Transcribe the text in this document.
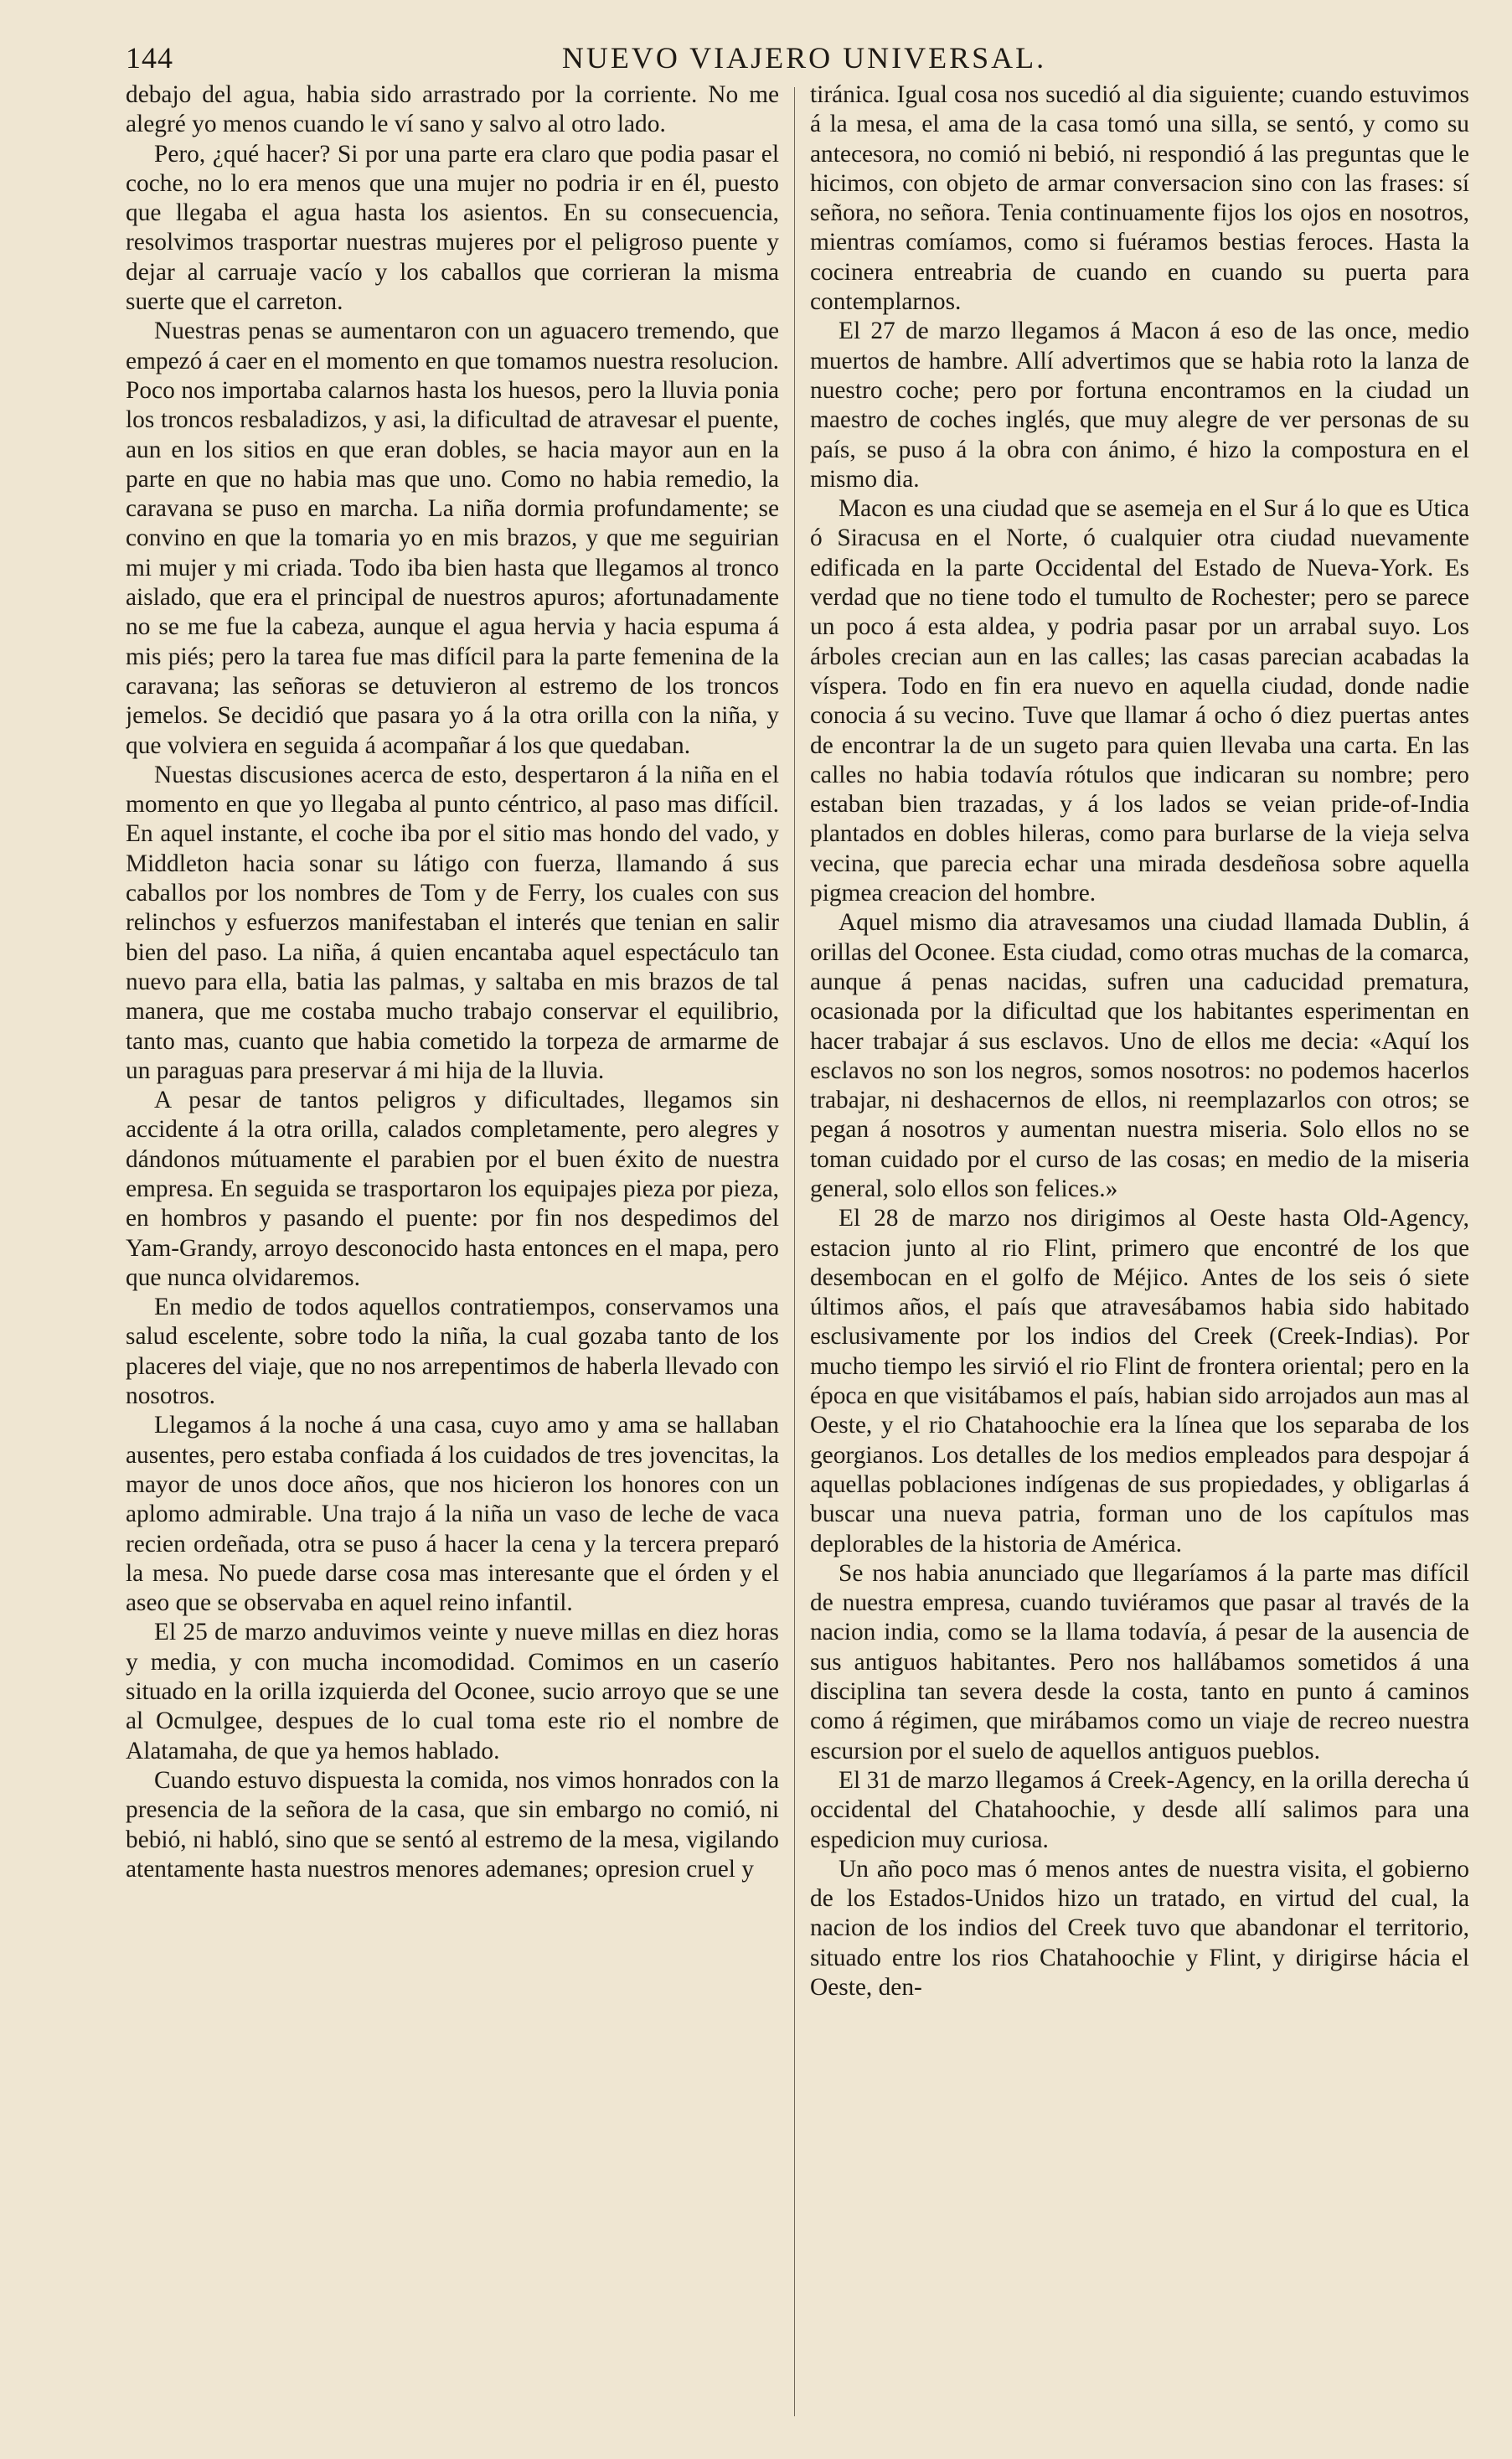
144	NUEVO VIAJERO UNIVERSAL.

debajo del agua, habia sido arrastrado por la corriente. No me alegré yo menos cuando le ví sano y salvo al otro lado.

Pero, ¿qué hacer? Si por una parte era claro que podia pasar el coche, no lo era menos que una mujer no podria ir en él, puesto que llegaba el agua hasta los asientos. En su consecuencia, resolvimos trasportar nuestras mujeres por el peligroso puente y dejar al carruaje vacío y los caballos que corrieran la misma suerte que el carreton.

Nuestras penas se aumentaron con un aguacero tremendo, que empezó á caer en el momento en que tomamos nuestra resolucion. Poco nos importaba calarnos hasta los huesos, pero la lluvia ponia los troncos resbaladizos, y asi, la dificultad de atravesar el puente, aun en los sitios en que eran dobles, se hacia mayor aun en la parte en que no habia mas que uno. Como no habia remedio, la caravana se puso en marcha. La niña dormia profundamente; se convino en que la tomaria yo en mis brazos, y que me seguirian mi mujer y mi criada. Todo iba bien hasta que llegamos al tronco aislado, que era el principal de nuestros apuros; afortunadamente no se me fue la cabeza, aunque el agua hervia y hacia espuma á mis piés; pero la tarea fue mas difícil para la parte femenina de la caravana; las señoras se detuvieron al estremo de los troncos jemelos. Se decidió que pasara yo á la otra orilla con la niña, y que volviera en seguida á acompañar á los que quedaban.

Nuestas discusiones acerca de esto, despertaron á la niña en el momento en que yo llegaba al punto céntrico, al paso mas difícil. En aquel instante, el coche iba por el sitio mas hondo del vado, y Middleton hacia sonar su látigo con fuerza, llamando á sus caballos por los nombres de Tom y de Ferry, los cuales con sus relinchos y esfuerzos manifestaban el interés que tenian en salir bien del paso. La niña, á quien encantaba aquel espectáculo tan nuevo para ella, batia las palmas, y saltaba en mis brazos de tal manera, que me costaba mucho trabajo conservar el equilibrio, tanto mas, cuanto que habia cometido la torpeza de armarme de un paraguas para preservar á mi hija de la lluvia.

A pesar de tantos peligros y dificultades, llegamos sin accidente á la otra orilla, calados completamente, pero alegres y dándonos mútuamente el parabien por el buen éxito de nuestra empresa. En seguida se trasportaron los equipajes pieza por pieza, en hombros y pasando el puente: por fin nos despedimos del Yam-Grandy, arroyo desconocido hasta entonces en el mapa, pero que nunca olvidaremos.

En medio de todos aquellos contratiempos, conservamos una salud escelente, sobre todo la niña, la cual gozaba tanto de los placeres del viaje, que no nos arrepentimos de haberla llevado con nosotros.

Llegamos á la noche á una casa, cuyo amo y ama se hallaban ausentes, pero estaba confiada á los cuidados de tres jovencitas, la mayor de unos doce años, que nos hicieron los honores con un aplomo admirable. Una trajo á la niña un vaso de leche de vaca recien ordeñada, otra se puso á hacer la cena y la tercera preparó la mesa. No puede darse cosa mas interesante que el órden y el aseo que se observaba en aquel reino infantil.

El 25 de marzo anduvimos veinte y nueve millas en diez horas y media, y con mucha incomodidad. Comimos en un caserío situado en la orilla izquierda del Oconee, sucio arroyo que se une al Ocmulgee, despues de lo cual toma este rio el nombre de Alatamaha, de que ya hemos hablado.

Cuando estuvo dispuesta la comida, nos vimos honrados con la presencia de la señora de la casa, que sin embargo no comió, ni bebió, ni habló, sino que se sentó al estremo de la mesa, vigilando atentamente hasta nuestros menores ademanes; opresion cruel y

tiránica. Igual cosa nos sucedió al dia siguiente; cuando estuvimos á la mesa, el ama de la casa tomó una silla, se sentó, y como su antecesora, no comió ni bebió, ni respondió á las preguntas que le hicimos, con objeto de armar conversacion sino con las frases: sí señora, no señora. Tenia continuamente fijos los ojos en nosotros, mientras comíamos, como si fuéramos bestias feroces. Hasta la cocinera entreabria de cuando en cuando su puerta para contemplarnos.

El 27 de marzo llegamos á Macon á eso de las once, medio muertos de hambre. Allí advertimos que se habia roto la lanza de nuestro coche; pero por fortuna encontramos en la ciudad un maestro de coches inglés, que muy alegre de ver personas de su país, se puso á la obra con ánimo, é hizo la compostura en el mismo dia.

Macon es una ciudad que se asemeja en el Sur á lo que es Utica ó Siracusa en el Norte, ó cualquier otra ciudad nuevamente edificada en la parte Occidental del Estado de Nueva-York. Es verdad que no tiene todo el tumulto de Rochester; pero se parece un poco á esta aldea, y podria pasar por un arrabal suyo. Los árboles crecian aun en las calles; las casas parecian acabadas la víspera. Todo en fin era nuevo en aquella ciudad, donde nadie conocia á su vecino. Tuve que llamar á ocho ó diez puertas antes de encontrar la de un sugeto para quien llevaba una carta. En las calles no habia todavía rótulos que indicaran su nombre; pero estaban bien trazadas, y á los lados se veian pride-of-India plantados en dobles hileras, como para burlarse de la vieja selva vecina, que parecia echar una mirada desdeñosa sobre aquella pigmea creacion del hombre.

Aquel mismo dia atravesamos una ciudad llamada Dublin, á orillas del Oconee. Esta ciudad, como otras muchas de la comarca, aunque á penas nacidas, sufren una caducidad prematura, ocasionada por la dificultad que los habitantes esperimentan en hacer trabajar á sus esclavos. Uno de ellos me decia: «Aquí los esclavos no son los negros, somos nosotros: no podemos hacerlos trabajar, ni deshacernos de ellos, ni reemplazarlos con otros; se pegan á nosotros y aumentan nuestra miseria. Solo ellos no se toman cuidado por el curso de las cosas; en medio de la miseria general, solo ellos son felices.»

El 28 de marzo nos dirigimos al Oeste hasta Old-Agency, estacion junto al rio Flint, primero que encontré de los que desembocan en el golfo de Méjico. Antes de los seis ó siete últimos años, el país que atravesábamos habia sido habitado esclusivamente por los indios del Creek (Creek-Indias). Por mucho tiempo les sirvió el rio Flint de frontera oriental; pero en la época en que visitábamos el país, habian sido arrojados aun mas al Oeste, y el rio Chatahoochie era la línea que los separaba de los georgianos. Los detalles de los medios empleados para despojar á aquellas poblaciones indígenas de sus propiedades, y obligarlas á buscar una nueva patria, forman uno de los capítulos mas deplorables de la historia de América.

Se nos habia anunciado que llegaríamos á la parte mas difícil de nuestra empresa, cuando tuviéramos que pasar al través de la nacion india, como se la llama todavía, á pesar de la ausencia de sus antiguos habitantes. Pero nos hallábamos sometidos á una disciplina tan severa desde la costa, tanto en punto á caminos como á régimen, que mirábamos como un viaje de recreo nuestra escursion por el suelo de aquellos antiguos pueblos.

El 31 de marzo llegamos á Creek-Agency, en la orilla derecha ú occidental del Chatahoochie, y desde allí salimos para una espedicion muy curiosa.

Un año poco mas ó menos antes de nuestra visita, el gobierno de los Estados-Unidos hizo un tratado, en virtud del cual, la nacion de los indios del Creek tuvo que abandonar el territorio, situado entre los rios Chatahoochie y Flint, y dirigirse hácia el Oeste, den-
